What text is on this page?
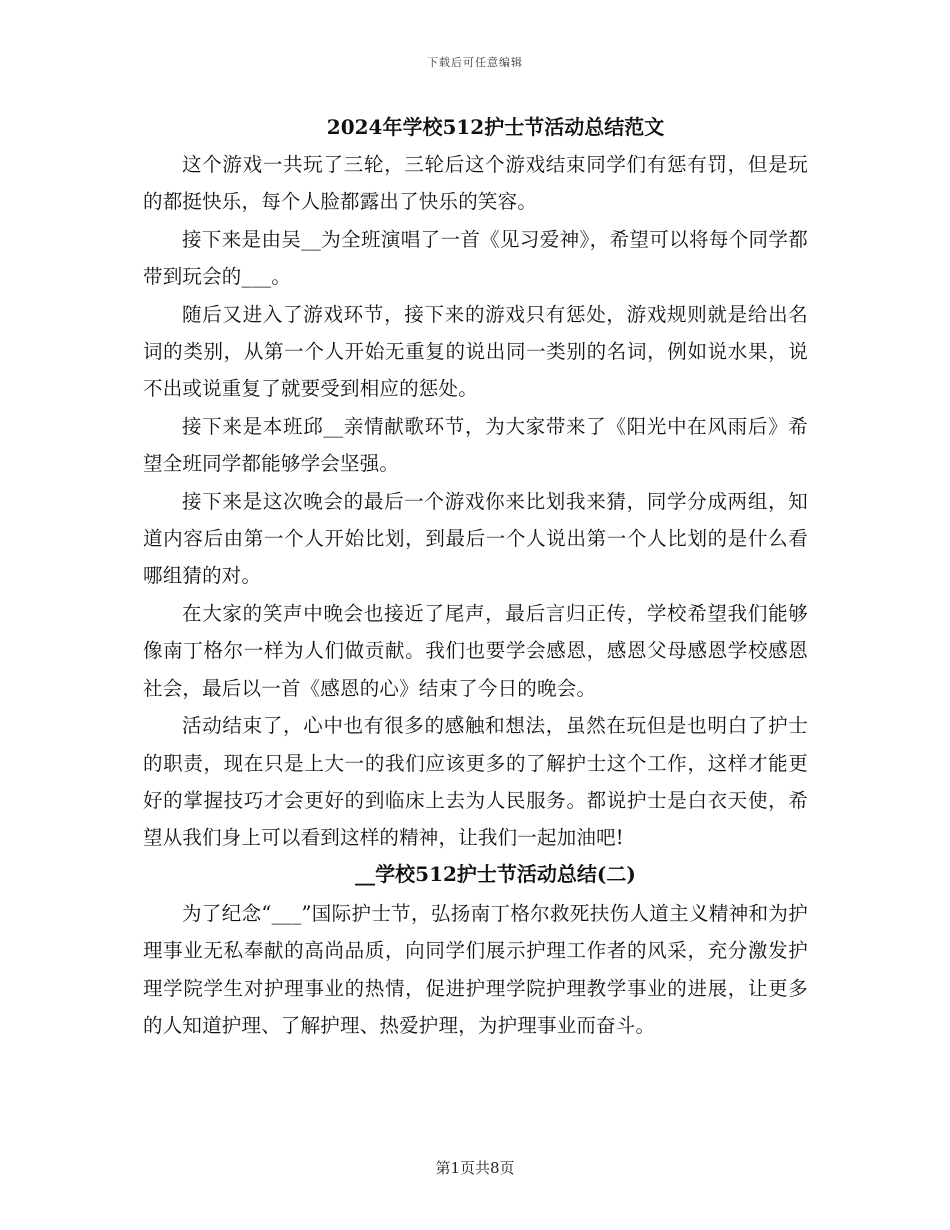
下载后可任意编辑
2024年学校512护士节活动总结范文

这个游戏一共玩了三轮，三轮后这个游戏结束同学们有惩有罚，但是玩的都挺快乐，每个人脸都露出了快乐的笑容。

接下来是由吴__为全班演唱了一首《见习爱神》，希望可以将每个同学都带到玩会的___。

随后又进入了游戏环节，接下来的游戏只有惩处，游戏规则就是给出名词的类别，从第一个人开始无重复的说出同一类别的名词，例如说水果，说不出或说重复了就要受到相应的惩处。

接下来是本班邱__亲情献歌环节，为大家带来了《阳光中在风雨后》希望全班同学都能够学会坚强。

接下来是这次晚会的最后一个游戏你来比划我来猜，同学分成两组，知道内容后由第一个人开始比划，到最后一个人说出第一个人比划的是什么看哪组猜的对。

在大家的笑声中晚会也接近了尾声，最后言归正传，学校希望我们能够像南丁格尔一样为人们做贡献。我们也要学会感恩，感恩父母感恩学校感恩社会，最后以一首《感恩的心》结束了今日的晚会。

活动结束了，心中也有很多的感触和想法，虽然在玩但是也明白了护士的职责，现在只是上大一的我们应该更多的了解护士这个工作，这样才能更好的掌握技巧才会更好的到临床上去为人民服务。都说护士是白衣天使，希望从我们身上可以看到这样的精神，让我们一起加油吧!

__学校512护士节活动总结(二)

为了纪念“___”国际护士节，弘扬南丁格尔救死扶伤人道主义精神和为护理事业无私奉献的高尚品质，向同学们展示护理工作者的风采，充分激发护理学院学生对护理事业的热情，促进护理学院护理教学事业的进展，让更多的人知道护理、了解护理、热爱护理，为护理事业而奋斗。

第1页共8页
